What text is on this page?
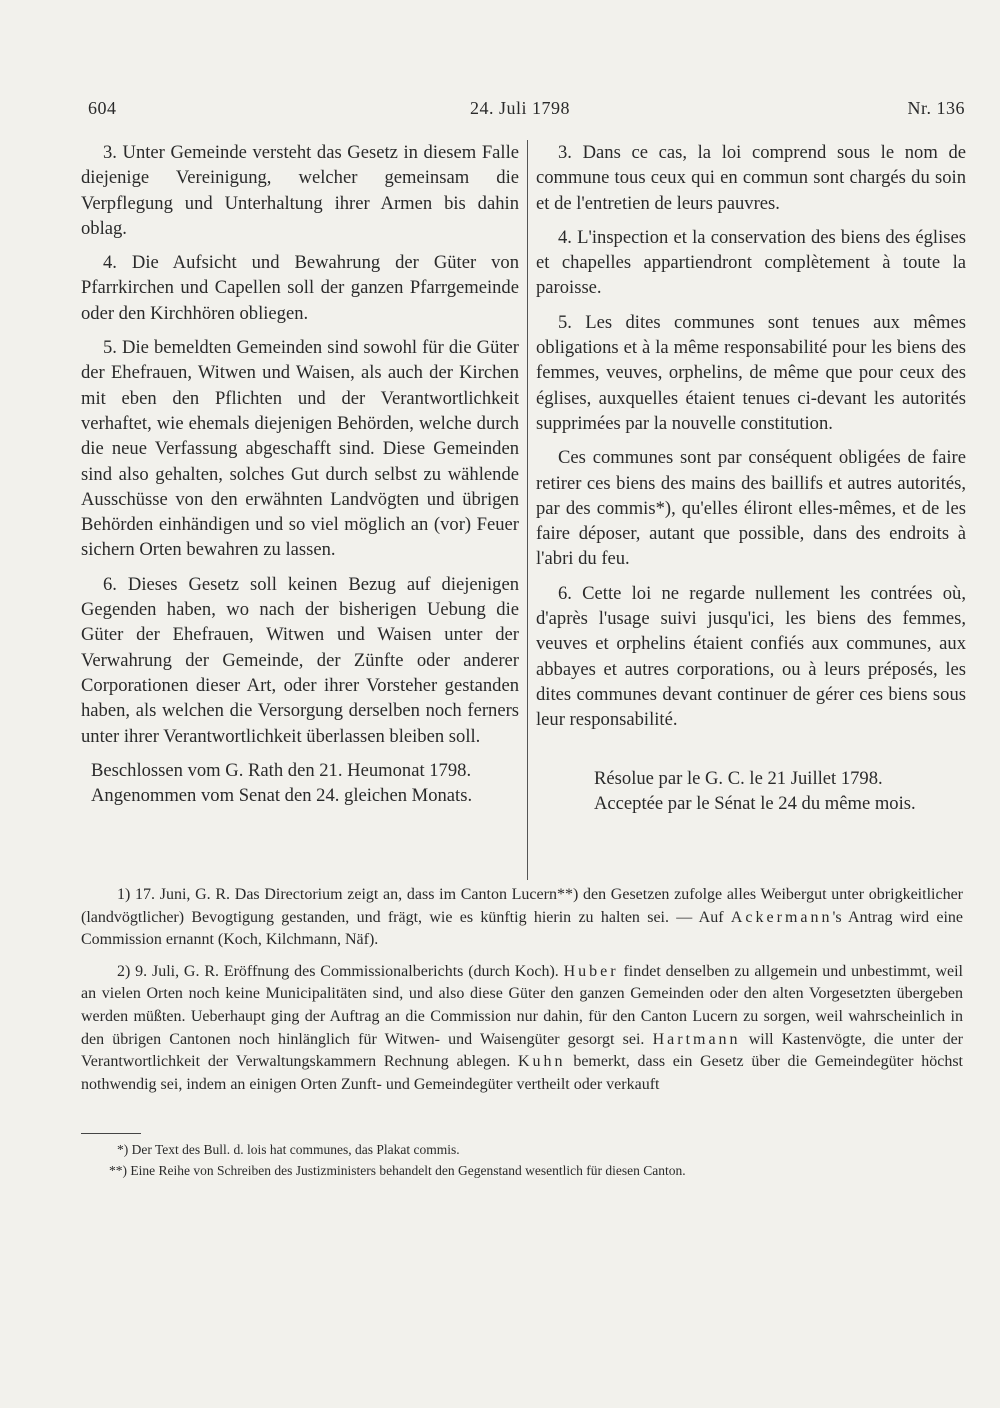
604	24. Juli 1798	Nr. 136

3. Unter Gemeinde versteht das Gesetz in diesem Falle diejenige Vereinigung, welcher gemeinsam die Verpflegung und Unterhaltung ihrer Armen bis dahin oblag.

4. Die Aufsicht und Bewahrung der Güter von Pfarrkirchen und Capellen soll der ganzen Pfarrgemeinde oder den Kirchhören obliegen.

5. Die bemeldten Gemeinden sind sowohl für die Güter der Ehefrauen, Witwen und Waisen, als auch der Kirchen mit eben den Pflichten und der Verantwortlichkeit verhaftet, wie ehemals diejenigen Behörden, welche durch die neue Verfassung abgeschafft sind. Diese Gemeinden sind also gehalten, solches Gut durch selbst zu wählende Ausschüsse von den erwähnten Landvögten und übrigen Behörden einhändigen und so viel möglich an (vor) Feuer sichern Orten bewahren zu lassen.

6. Dieses Gesetz soll keinen Bezug auf diejenigen Gegenden haben, wo nach der bisherigen Uebung die Güter der Ehefrauen, Witwen und Waisen unter der Verwahrung der Gemeinde, der Zünfte oder anderer Corporationen dieser Art, oder ihrer Vorsteher gestanden haben, als welchen die Versorgung derselben noch ferners unter ihrer Verantwortlichkeit überlassen bleiben soll.

Beschlossen vom G. Rath den 21. Heumonat 1798.

Angenommen vom Senat den 24. gleichen Monats.

3. Dans ce cas, la loi comprend sous le nom de commune tous ceux qui en commun sont chargés du soin et de l'entretien de leurs pauvres.

4. L'inspection et la conservation des biens des églises et chapelles appartiendront complètement à toute la paroisse.

5. Les dites communes sont tenues aux mêmes obligations et à la même responsabilité pour les biens des femmes, veuves, orphelins, de même que pour ceux des églises, auxquelles étaient tenues ci-devant les autorités supprimées par la nouvelle constitution.

Ces communes sont par conséquent obligées de faire retirer ces biens des mains des baillifs et autres autorités, par des commis*), qu'elles éliront elles-mêmes, et de les faire déposer, autant que possible, dans des endroits à l'abri du feu.

6. Cette loi ne regarde nullement les contrées où, d'après l'usage suivi jusqu'ici, les biens des femmes, veuves et orphelins étaient confiés aux communes, aux abbayes et autres corporations, ou à leurs préposés, les dites communes devant continuer de gérer ces biens sous leur responsabilité.

Résolue par le G. C. le 21 Juillet 1798.

Acceptée par le Sénat le 24 du même mois.

1) 17. Juni, G. R. Das Directorium zeigt an, dass im Canton Lucern**) den Gesetzen zufolge alles Weibergut unter obrigkeitlicher (landvögtlicher) Bevogtigung gestanden, und frägt, wie es künftig hierin zu halten sei. — Auf Ackermann's Antrag wird eine Commission ernannt (Koch, Kilchmann, Näf).

2) 9. Juli, G. R. Eröffnung des Commissionalberichts (durch Koch). Huber findet denselben zu allgemein und unbestimmt, weil an vielen Orten noch keine Municipalitäten sind, und also diese Güter den ganzen Gemeinden oder den alten Vorgesetzten übergeben werden müßten. Ueberhaupt ging der Auftrag an die Commission nur dahin, für den Canton Lucern zu sorgen, weil wahrscheinlich in den übrigen Cantonen noch hinlänglich für Witwen- und Waisengüter gesorgt sei. Hartmann will Kastenvögte, die unter der Verantwortlichkeit der Verwaltungskammern Rechnung ablegen. Kuhn bemerkt, dass ein Gesetz über die Gemeindegüter höchst nothwendig sei, indem an einigen Orten Zunft- und Gemeindegüter vertheilt oder verkauft

*) Der Text des Bull. d. lois hat communes, das Plakat commis.

**) Eine Reihe von Schreiben des Justizministers behandelt den Gegenstand wesentlich für diesen Canton.
